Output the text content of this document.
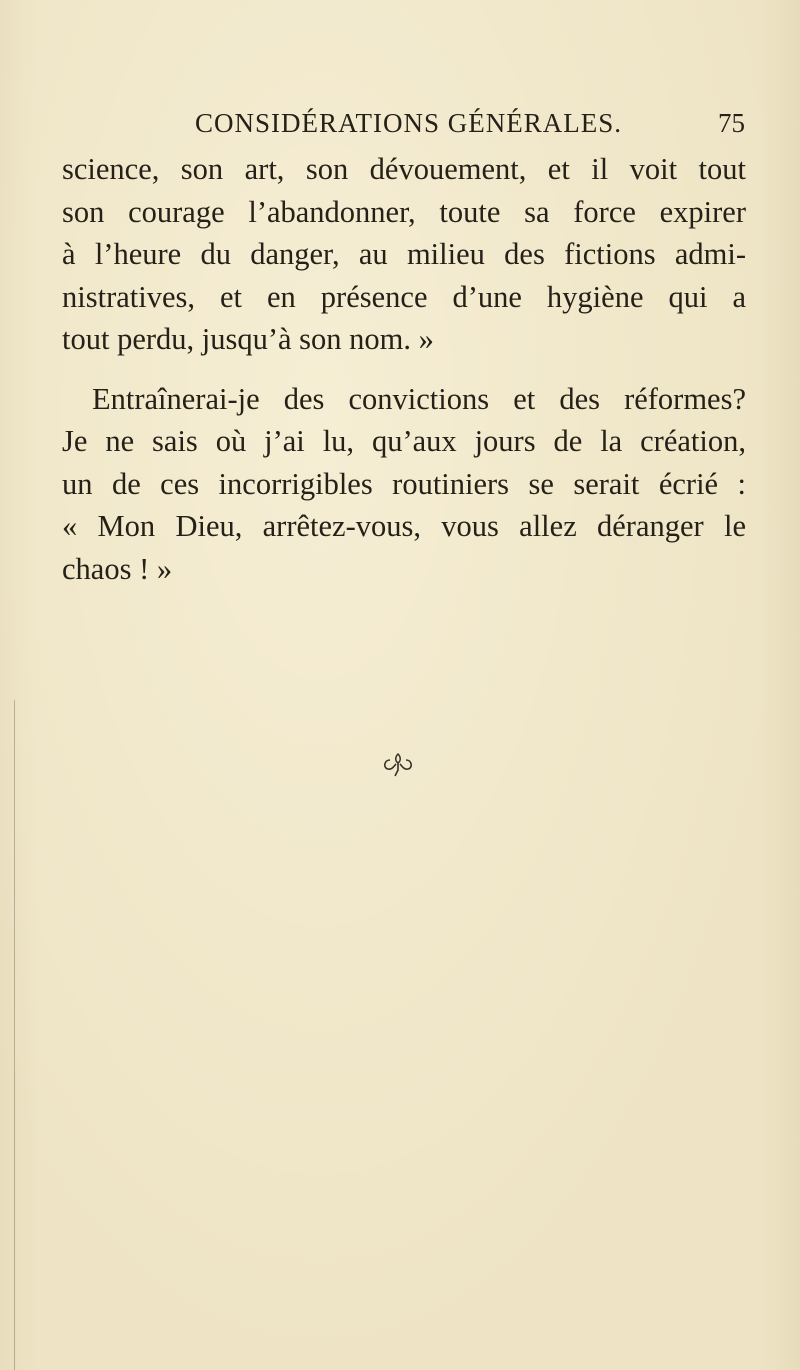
CONSIDÉRATIONS GÉNÉRALES.	75
science, son art, son dévouement, et il voit tout
son courage l’abandonner, toute sa force expirer
à l’heure du danger, au milieu des fictions admi-
nistratives, et en présence d’une hygiène qui a
tout perdu, jusqu’à son nom. »
Entraînerai-je des convictions et des réformes?
Je ne sais où j’ai lu, qu’aux jours de la création,
un de ces incorrigibles routiniers se serait écrié :
« Mon Dieu, arrêtez-vous, vous allez déranger le
chaos ! »
